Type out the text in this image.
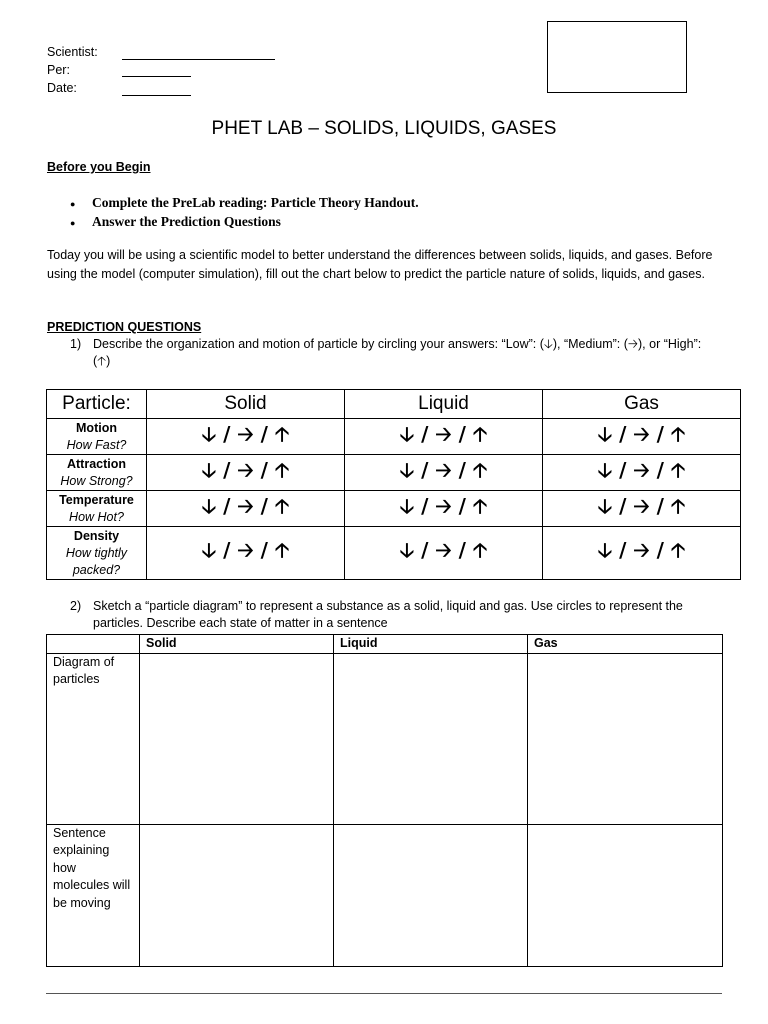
Scientist:
Per:
Date:
PHET LAB – SOLIDS, LIQUIDS, GASES
Before you Begin
● Complete the PreLab reading: Particle Theory Handout.
● Answer the Prediction Questions
Today you will be using a scientific model to better understand the differences between solids, liquids, and gases. Before using the model (computer simulation), fill out the chart below to predict the particle nature of solids, liquids, and gases.
PREDICTION QUESTIONS
1) Describe the organization and motion of particle by circling your answers: “Low”: (🡣), “Medium”: (🡢), or “High”: (🡡)
Particle:	Solid	Liquid	Gas
Motion
How Fast?	🡣 / 🡢 / 🡡	🡣 / 🡢 / 🡡	🡣 / 🡢 / 🡡
Attraction
How Strong?	🡣 / 🡢 / 🡡	🡣 / 🡢 / 🡡	🡣 / 🡢 / 🡡
Temperature
How Hot?	🡣 / 🡢 / 🡡	🡣 / 🡢 / 🡡	🡣 / 🡢 / 🡡
Density
How tightly packed?	🡣 / 🡢 / 🡡	🡣 / 🡢 / 🡡	🡣 / 🡢 / 🡡
2) Sketch a “particle diagram” to represent a substance as a solid, liquid and gas. Use circles to represent the particles. Describe each state of matter in a sentence
	Solid	Liquid	Gas
Diagram of particles			
Sentence explaining how molecules will be moving			
